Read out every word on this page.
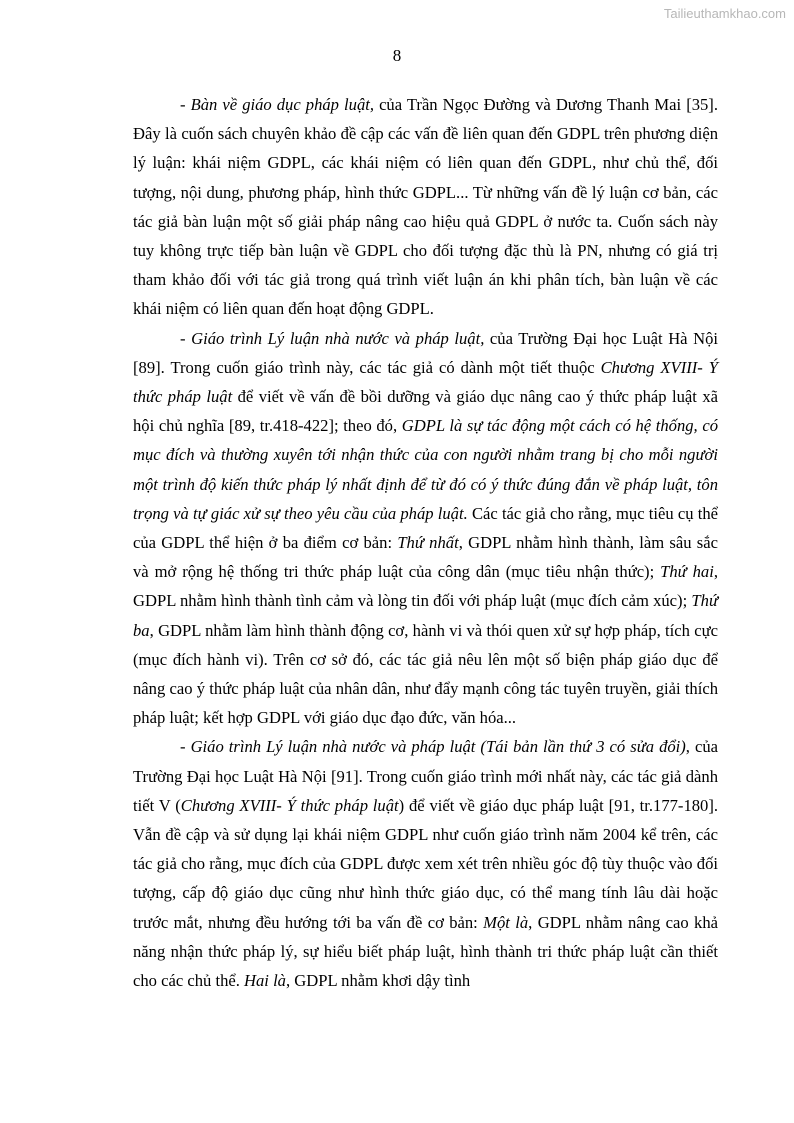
Tailieuthamkhao.com
8

- Bàn về giáo dục pháp luật, của Trần Ngọc Đường và Dương Thanh Mai [35]. Đây là cuốn sách chuyên khảo đề cập các vấn đề liên quan đến GDPL trên phương diện lý luận: khái niệm GDPL, các khái niệm có liên quan đến GDPL, như chủ thể, đối tượng, nội dung, phương pháp, hình thức GDPL... Từ những vấn đề lý luận cơ bản, các tác giả bàn luận một số giải pháp nâng cao hiệu quả GDPL ở nước ta. Cuốn sách này tuy không trực tiếp bàn luận về GDPL cho đối tượng đặc thù là PN, nhưng có giá trị tham khảo đối với tác giả trong quá trình viết luận án khi phân tích, bàn luận về các khái niệm có liên quan đến hoạt động GDPL.

- Giáo trình Lý luận nhà nước và pháp luật, của Trường Đại học Luật Hà Nội [89]. Trong cuốn giáo trình này, các tác giả có dành một tiết thuộc Chương XVIII- Ý thức pháp luật để viết về vấn đề bồi dưỡng và giáo dục nâng cao ý thức pháp luật xã hội chủ nghĩa [89, tr.418-422]; theo đó, GDPL là sự tác động một cách có hệ thống, có mục đích và thường xuyên tới nhận thức của con người nhằm trang bị cho mỗi người một trình độ kiến thức pháp lý nhất định để từ đó có ý thức đúng đắn về pháp luật, tôn trọng và tự giác xử sự theo yêu cầu của pháp luật. Các tác giả cho rằng, mục tiêu cụ thể của GDPL thể hiện ở ba điểm cơ bản: Thứ nhất, GDPL nhằm hình thành, làm sâu sắc và mở rộng hệ thống tri thức pháp luật của công dân (mục tiêu nhận thức); Thứ hai, GDPL nhằm hình thành tình cảm và lòng tin đối với pháp luật (mục đích cảm xúc); Thứ ba, GDPL nhằm làm hình thành động cơ, hành vi và thói quen xử sự hợp pháp, tích cực (mục đích hành vi). Trên cơ sở đó, các tác giả nêu lên một số biện pháp giáo dục để nâng cao ý thức pháp luật của nhân dân, như đẩy mạnh công tác tuyên truyền, giải thích pháp luật; kết hợp GDPL với giáo dục đạo đức, văn hóa...

- Giáo trình Lý luận nhà nước và pháp luật (Tái bản lần thứ 3 có sửa đổi), của Trường Đại học Luật Hà Nội [91]. Trong cuốn giáo trình mới nhất này, các tác giả dành tiết V (Chương XVIII- Ý thức pháp luật) để viết về giáo dục pháp luật [91, tr.177-180]. Vẫn đề cập và sử dụng lại khái niệm GDPL như cuốn giáo trình năm 2004 kể trên, các tác giả cho rằng, mục đích của GDPL được xem xét trên nhiều góc độ tùy thuộc vào đối tượng, cấp độ giáo dục cũng như hình thức giáo dục, có thể mang tính lâu dài hoặc trước mắt, nhưng đều hướng tới ba vấn đề cơ bản: Một là, GDPL nhằm nâng cao khả năng nhận thức pháp lý, sự hiểu biết pháp luật, hình thành tri thức pháp luật cần thiết cho các chủ thể. Hai là, GDPL nhằm khơi dậy tình
